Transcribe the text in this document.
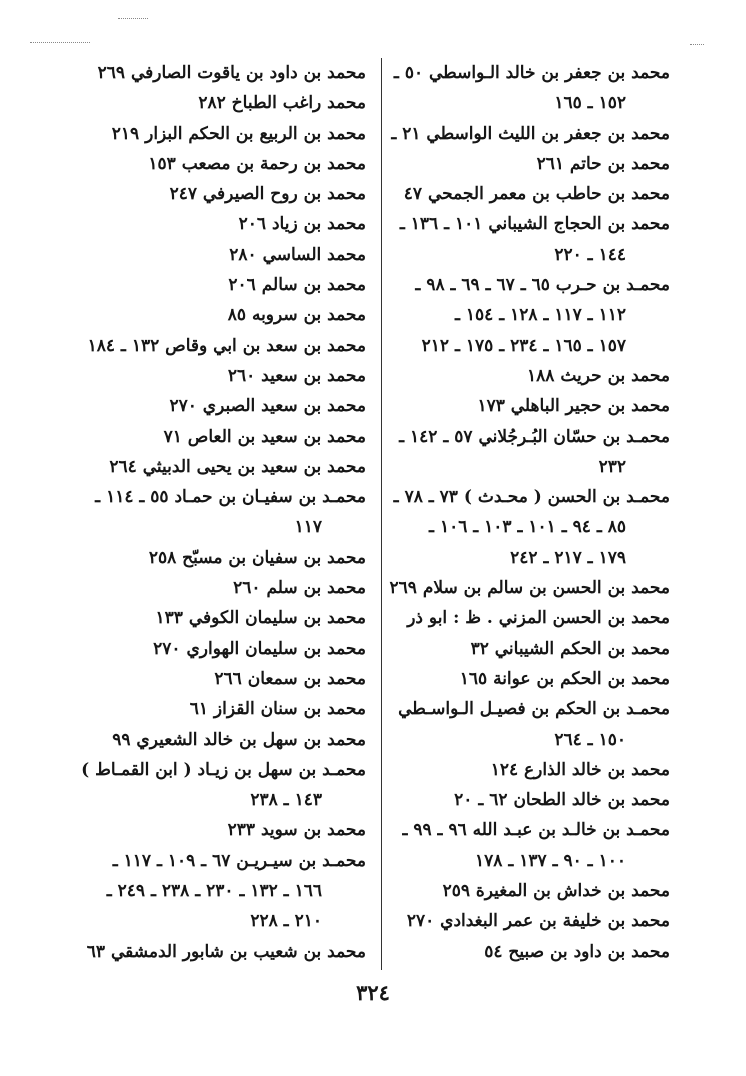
محمد بن جعفر بن خالد الـواسطي ٥٠ ـ
١٥٢ ـ ١٦٥
محمد بن جعفر بن الليث الواسطي ٢١ ـ
محمد بن حاتم ٢٦١
محمد بن حاطب بن معمر الجمحي ٤٧
محمد بن الحجاج الشيباني ١٠١ ـ ١٣٦ ـ
١٤٤ ـ ٢٢٠
محمـد بن حـرب ٦٥ ـ ٦٧ ـ ٦٩ ـ ٩٨ ـ
١١٢ ـ ١١٧ ـ ١٢٨ ـ ١٥٤ ـ
١٥٧ ـ ١٦٥ ـ ٢٣٤ ـ ١٧٥ ـ ٢١٢
محمد بن حريث ١٨٨
محمد بن حجير الباهلي ١٧٣
محمـد بن حسّان البُـرجُلاني ٥٧ ـ ١٤٢ ـ
٢٣٢
محمـد بن الحسن ( محـدث ) ٧٣ ـ ٧٨ ـ
٨٥ ـ ٩٤ ـ ١٠١ ـ ١٠٣ ـ ١٠٦ ـ
١٧٩ ـ ٢١٧ ـ ٢٤٢
محمد بن الحسن بن سالم بن سلام ٢٦٩
محمد بن الحسن المزني . ظ : ابو ذر
محمد بن الحكم الشيباني ٣٢
محمد بن الحكم بن عوانة ١٦٥
محمـد بن الحكم بن فصيـل الـواسـطي
١٥٠ ـ ٢٦٤
محمد بن خالد الذارع ١٢٤
محمد بن خالد الطحان ٦٢ ـ ٢٠
محمـد بن خالـد بن عبـد الله ٩٦ ـ ٩٩ ـ
١٠٠ ـ ٩٠ ـ ١٣٧ ـ ١٧٨
محمد بن خداش بن المغيرة ٢٥٩
محمد بن خليفة بن عمر البغدادي ٢٧٠
محمد بن داود بن صبيح ٥٤
محمد بن داود بن ياقوت الصارفي ٢٦٩
محمد راغب الطباخ ٢٨٢
محمد بن الربيع بن الحكم البزار ٢١٩
محمد بن رحمة بن مصعب ١٥٣
محمد بن روح الصيرفي ٢٤٧
محمد بن زياد ٢٠٦
محمد الساسي ٢٨٠
محمد بن سالم ٢٠٦
محمد بن سروبه ٨٥
محمد بن سعد بن ابي وقاص ١٣٢ ـ ١٨٤
محمد بن سعيد ٢٦٠
محمد بن سعيد الصبري ٢٧٠
محمد بن سعيد بن العاص ٧١
محمد بن سعيد بن يحيى الدبيثي ٢٦٤
محمـد بن سفيـان بن حمـاد ٥٥ ـ ١١٤ ـ
١١٧
محمد بن سفيان بن مسبّح ٢٥٨
محمد بن سلم ٢٦٠
محمد بن سليمان الكوفي ١٣٣
محمد بن سليمان الهواري ٢٧٠
محمد بن سمعان ٢٦٦
محمد بن سنان القزاز ٦١
محمد بن سهل بن خالد الشعيري ٩٩
محمـد بن سهل بن زيـاد ( ابن القمـاط )
١٤٣ ـ ٢٣٨
محمد بن سويد ٢٣٣
محمـد بن سيـريـن ٦٧ ـ ١٠٩ ـ ١١٧ ـ
١٦٦ ـ ١٣٢ ـ ٢٣٠ ـ ٢٣٨ ـ ٢٤٩ ـ
٢١٠ ـ ٢٢٨
محمد بن شعيب بن شابور الدمشقي ٦٣
٣٢٤
